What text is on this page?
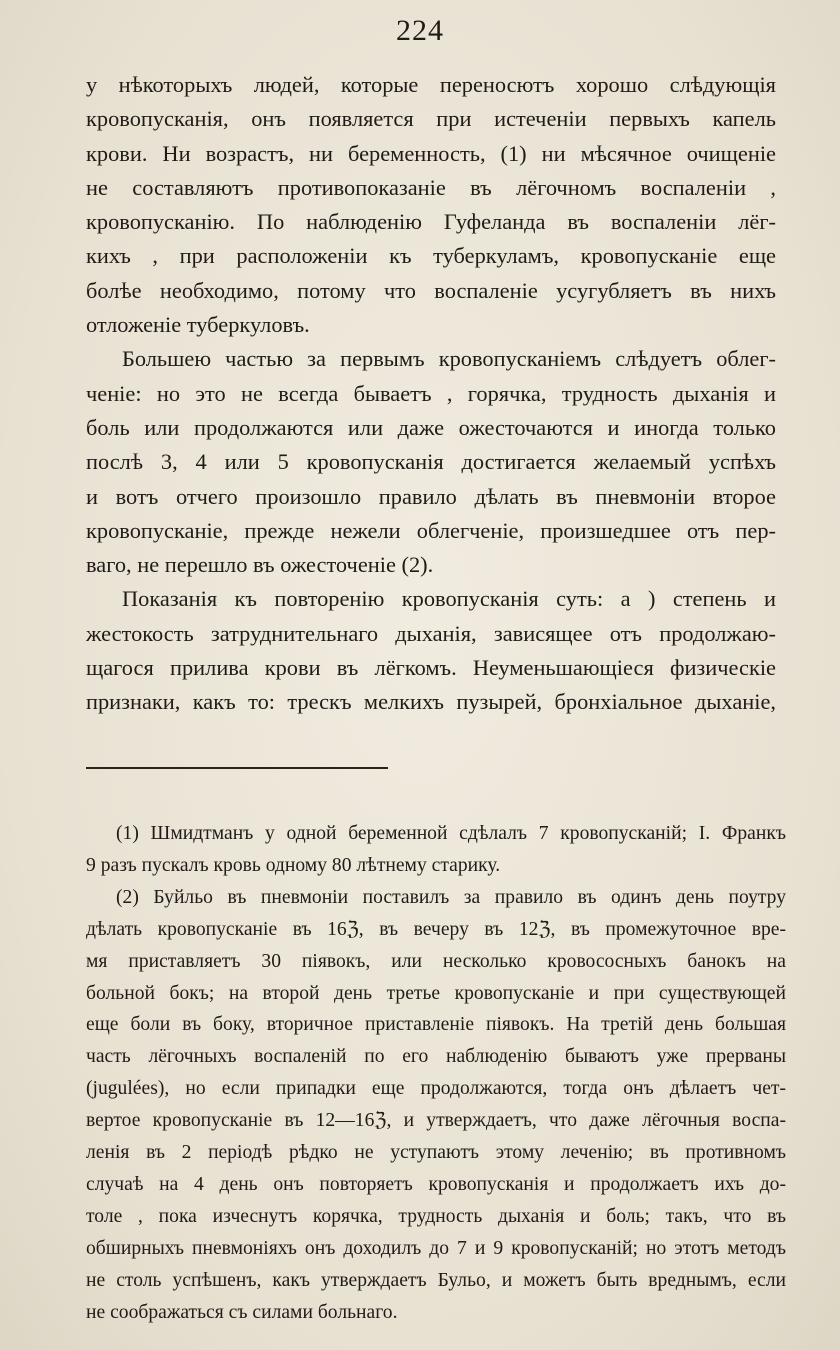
224

у нѣкоторыхъ людей, которые переносютъ хорошо слѣдующія
кровопусканія, онъ появляется при истеченіи первыхъ капель
крови. Ни возрастъ, ни беременность, (1) ни мѣсячное очищеніе
не составляютъ противопоказаніе въ лёгочномъ воспаленіи ,
кровопусканію. По наблюденію Гуфеланда въ воспаленіи лёг-
кихъ , при расположеніи къ туберкуламъ, кровопусканіе еще
болѣе необходимо, потому что воспаленіе усугубляетъ въ нихъ
отложеніе туберкуловъ.

Большею частью за первымъ кровопусканіемъ слѣдуетъ облег-
ченіе: но это не всегда бываетъ , горячка, трудность дыханія и
боль или продолжаются или даже ожесточаются и иногда только
послѣ 3, 4 или 5 кровопусканія достигается желаемый успѣхъ
и вотъ отчего произошло правило дѣлать въ пневмоніи второе
кровопусканіе, прежде нежели облегченіе, произшедшее отъ пер-
ваго, не перешло въ ожесточеніе (2).

Показанія къ повторенію кровопусканія суть: а ) степень и
жестокость затруднительнаго дыханія, зависящее отъ продолжаю-
щагося прилива крови въ лёгкомъ. Неуменьшающіеся физическіе
признаки, какъ то: трескъ мелкихъ пузырей, бронхіальное дыханіе,

(1) Шмидтманъ у одной беременной сдѣлалъ 7 кровопусканій; I. Франкъ
9 разъ пускалъ кровь одному 80 лѣтнему старику.

(2) Буйльо въ пневмоніи поставилъ за правило въ одинъ день поутру
дѣлать кровопусканіе въ 16ℨ, въ вечеру въ 12ℨ, въ промежуточное вре-
мя приставляетъ 30 піявокъ, или несколько кровососныхъ банокъ на
больной бокъ; на второй день третье кровопусканіе и при существующей
еще боли въ боку, вторичное приставленіе піявокъ. На третій день большая
часть лёгочныхъ воспаленій по его наблюденію бываютъ уже прерваны
(jugulées), но если припадки еще продолжаются, тогда онъ дѣлаетъ чет-
вертое кровопусканіе въ 12—16ℨ, и утверждаетъ, что даже лёгочныя воспа-
ленія въ 2 періодѣ рѣдко не уступаютъ этому леченію; въ противномъ
случаѣ на 4 день онъ повторяетъ кровопусканія и продолжаетъ ихъ до-
толе , пока изчеснутъ корячка, трудность дыханія и боль; такъ, что въ
обширныхъ пневмоніяхъ онъ доходилъ до 7 и 9 кровопусканій; но этотъ методъ
не столь успѣшенъ, какъ утверждаетъ Бульо, и можетъ быть вреднымъ, если
не соображаться съ силами больнаго.
